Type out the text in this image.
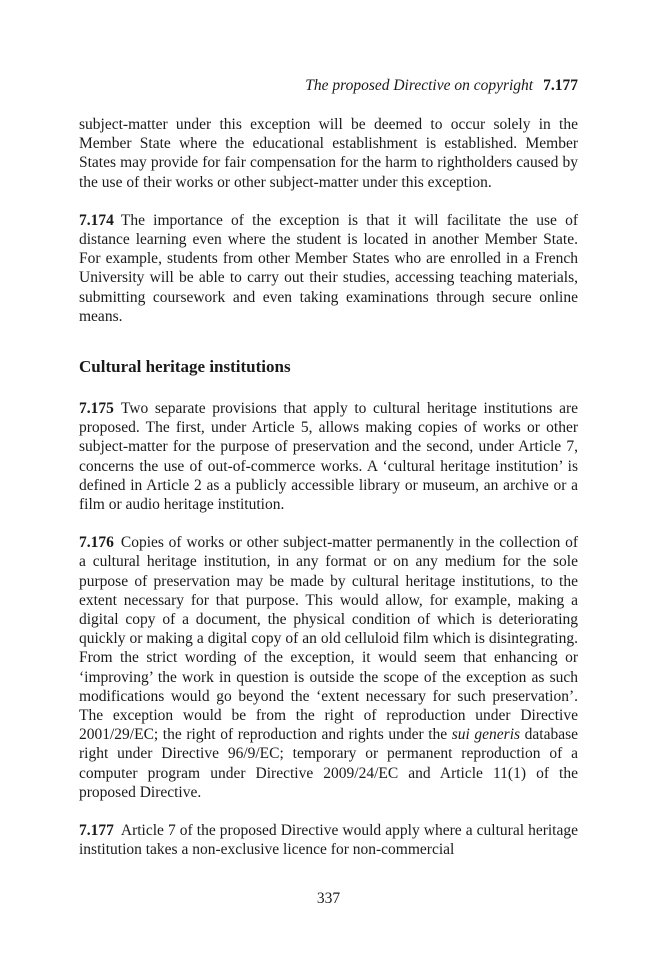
The proposed Directive on copyright 7.177

subject-matter under this exception will be deemed to occur solely in the Member State where the educational establishment is established. Member States may provide for fair compensation for the harm to rightholders caused by the use of their works or other subject-matter under this exception.

7.174 The importance of the exception is that it will facilitate the use of distance learning even where the student is located in another Member State. For example, students from other Member States who are enrolled in a French University will be able to carry out their studies, accessing teaching materials, submitting coursework and even taking examinations through secure online means.

Cultural heritage institutions

7.175 Two separate provisions that apply to cultural heritage institutions are proposed. The first, under Article 5, allows making copies of works or other subject-matter for the purpose of preservation and the second, under Article 7, concerns the use of out-of-commerce works. A ‘cultural heritage institution’ is defined in Article 2 as a publicly accessible library or museum, an archive or a film or audio heritage institution.

7.176 Copies of works or other subject-matter permanently in the collection of a cultural heritage institution, in any format or on any medium for the sole purpose of preservation may be made by cultural heritage institutions, to the extent necessary for that purpose. This would allow, for example, making a digital copy of a document, the physical condition of which is deteriorating quickly or making a digital copy of an old celluloid film which is disintegrating. From the strict wording of the exception, it would seem that enhancing or ‘improving’ the work in question is outside the scope of the exception as such modifications would go beyond the ‘extent necessary for such preservation’. The exception would be from the right of reproduction under Directive 2001/29/EC; the right of reproduction and rights under the sui generis database right under Directive 96/9/EC; temporary or permanent reproduction of a computer program under Directive 2009/24/EC and Article 11(1) of the proposed Directive.

7.177 Article 7 of the proposed Directive would apply where a cultural heritage institution takes a non-exclusive licence for non-commercial

337
